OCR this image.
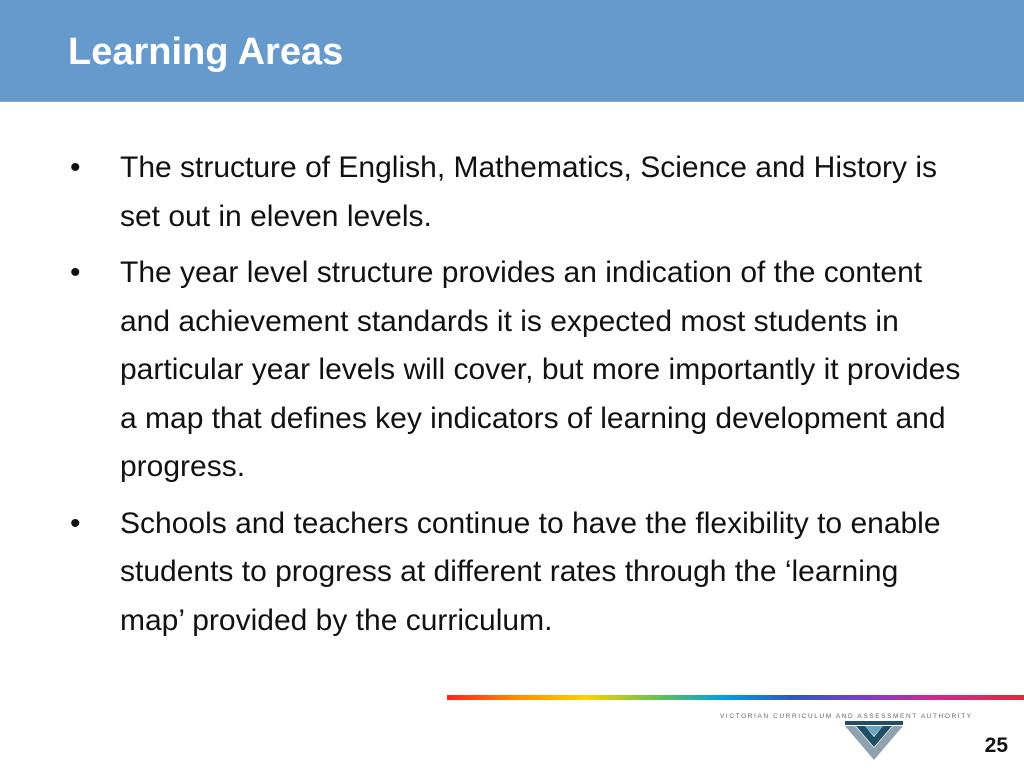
Learning Areas
•	The structure of English, Mathematics, Science and History is set out in eleven levels.
•	The year level structure provides an indication of the content and achievement standards it is expected most students in particular year levels will cover, but more importantly it provides a map that defines key indicators of learning development and progress.
•	Schools and teachers continue to have the flexibility to enable students to progress at different rates through the ‘learning map’ provided by the curriculum.
VICTORIAN CURRICULUM AND ASSESSMENT AUTHORITY
25
